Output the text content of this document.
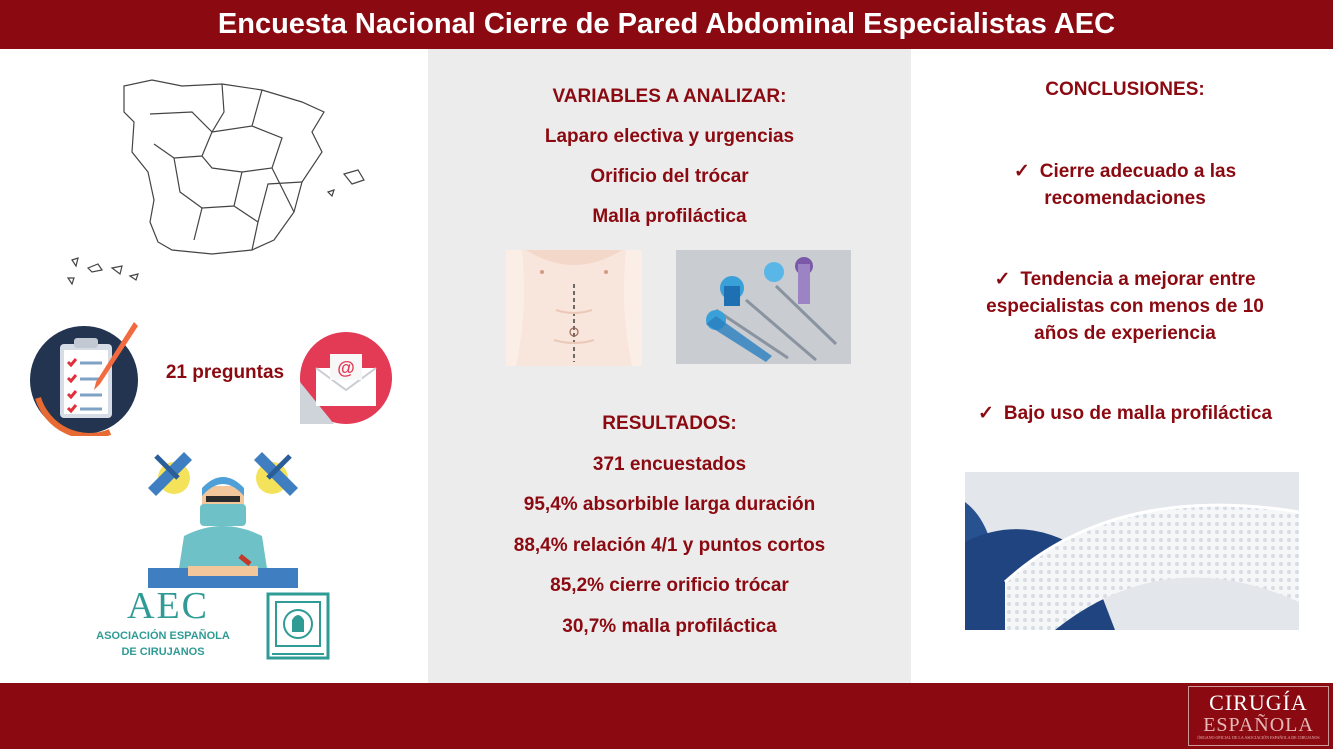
Encuesta Nacional Cierre de Pared Abdominal Especialistas AEC
21 preguntas	@
AEC
ASOCIACIÓN ESPAÑOLA
DE CIRUJANOS
VARIABLES A ANALIZAR:
Laparo electiva y urgencias
Orificio del trócar
Malla profiláctica
RESULTADOS:
371 encuestados
95,4% absorbible larga duración
88,4% relación 4/1 y puntos cortos
85,2% cierre orificio trócar
30,7% malla profiláctica
CONCLUSIONES:
✓ Cierre adecuado a las
recomendaciones
✓ Tendencia a mejorar entre
especialistas con menos de 10
años de experiencia
✓ Bajo uso de malla profiláctica
CIRUGÍA
ESPAÑOLA
ÓRGANO OFICIAL DE LA ASOCIACIÓN ESPAÑOLA DE CIRUJANOS
